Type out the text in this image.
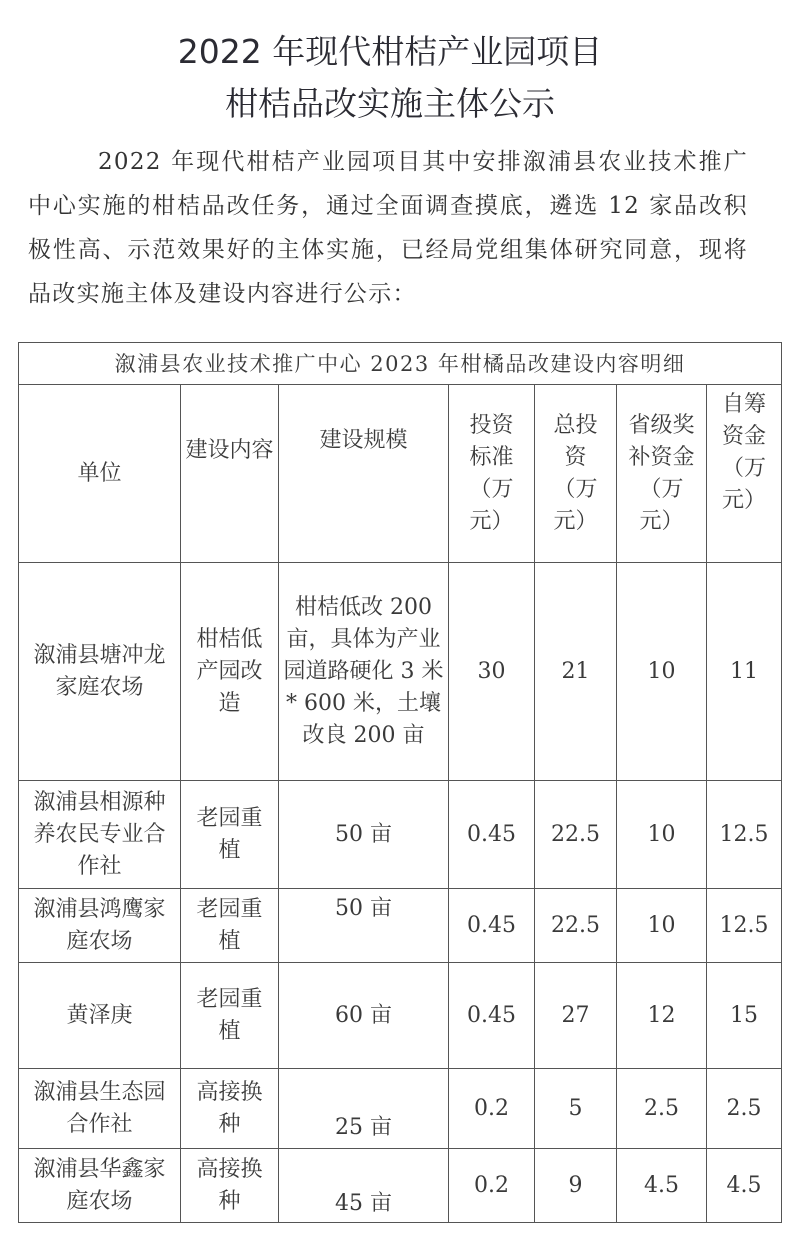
2022 年现代柑桔产业园项目
柑桔品改实施主体公示
2022 年现代柑桔产业园项目其中安排溆浦县农业技术推广中心实施的柑桔品改任务，通过全面调查摸底，遴选 12 家品改积极性高、示范效果好的主体实施，已经局党组集体研究同意，现将品改实施主体及建设内容进行公示：
溆浦县农业技术推广中心 2023 年柑橘品改建设内容明细						
单位	建设内容	建设规模	投资标准（万元）	总投资（万元）	省级奖补资金（万元）	自筹资金（万元）
溆浦县塘冲龙家庭农场	柑桔低产园改造	柑桔低改 200 亩，具体为产业园道路硬化 3 米* 600 米，土壤改良 200 亩	30	21	10	11
溆浦县相源种养农民专业合作社	老园重植	50 亩	0.45	22.5	10	12.5
溆浦县鸿鹰家庭农场	老园重植	50 亩	0.45	22.5	10	12.5
黄泽庚	老园重植	60 亩	0.45	27	12	15
溆浦县生态园合作社	高接换种	25 亩	0.2	5	2.5	2.5
溆浦县华鑫家庭农场	高接换种	45 亩	0.2	9	4.5	4.5
